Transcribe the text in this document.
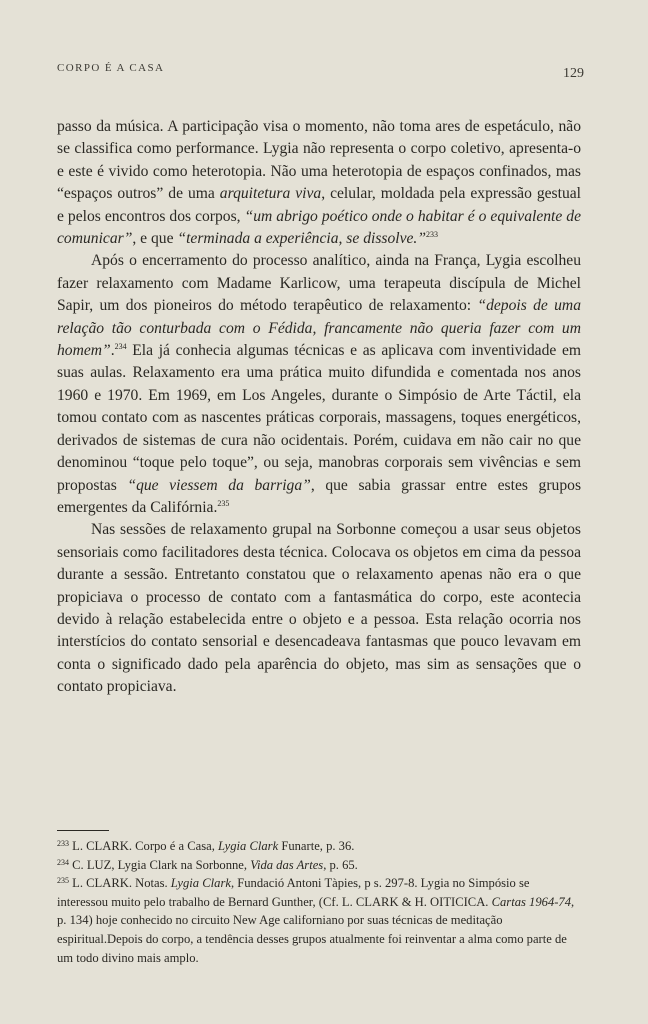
CORPO É A CASA	129

passo da música. A participação visa o momento, não toma ares de espetáculo, não se classifica como performance. Lygia não representa o corpo coletivo, apresenta-o e este é vivido como heterotopia. Não uma heterotopia de espaços confinados, mas “espaços outros” de uma arquitetura viva, celular, moldada pela expressão gestual e pelos encontros dos corpos, “um abrigo poético onde o habitar é o equivalente de comunicar”, e que “terminada a experiência, se dissolve.”$^{233}$

Após o encerramento do processo analítico, ainda na França, Lygia escolheu fazer relaxamento com Madame Karlicow, uma terapeuta discípula de Michel Sapir, um dos pioneiros do método terapêutico de relaxamento: “depois de uma relação tão conturbada com o Fédida, francamente não queria fazer com um homem”.$^{234}$ Ela já conhecia algumas técnicas e as aplicava com inventividade em suas aulas. Relaxamento era uma prática muito difundida e comentada nos anos 1960 e 1970. Em 1969, em Los Angeles, durante o Simpósio de Arte Táctil, ela tomou contato com as nascentes práticas corporais, massagens, toques energéticos, derivados de sistemas de cura não ocidentais. Porém, cuidava em não cair no que denominou “toque pelo toque”, ou seja, manobras corporais sem vivências e sem propostas “que viessem da barriga”, que sabia grassar entre estes grupos emergentes da Califórnia.$^{235}$

Nas sessões de relaxamento grupal na Sorbonne começou a usar seus objetos sensoriais como facilitadores desta técnica. Colocava os objetos em cima da pessoa durante a sessão. Entretanto constatou que o relaxamento apenas não era o que propiciava o processo de contato com a fantasmática do corpo, este acontecia devido à relação estabelecida entre o objeto e a pessoa. Esta relação ocorria nos interstícios do contato sensorial e desencadeava fantasmas que pouco levavam em conta o significado dado pela aparência do objeto, mas sim as sensações que o contato propiciava.

$^{233}$ L. CLARK. Corpo é a Casa, Lygia Clark Funarte, p. 36.

$^{234}$ C. LUZ, Lygia Clark na Sorbonne, Vida das Artes, p. 65.

$^{235}$ L. CLARK. Notas. Lygia Clark, Fundació Antoni Tàpies, p s. 297-8. Lygia no Simpósio se interessou muito pelo trabalho de Bernard Gunther, (Cf. L. CLARK & H. OITICICA. Cartas 1964-74, p. 134) hoje conhecido no circuito New Age californiano por suas técnicas de meditação espiritual.Depois do corpo, a tendência desses grupos atualmente foi reinventar a alma como parte de um todo divino mais amplo.
